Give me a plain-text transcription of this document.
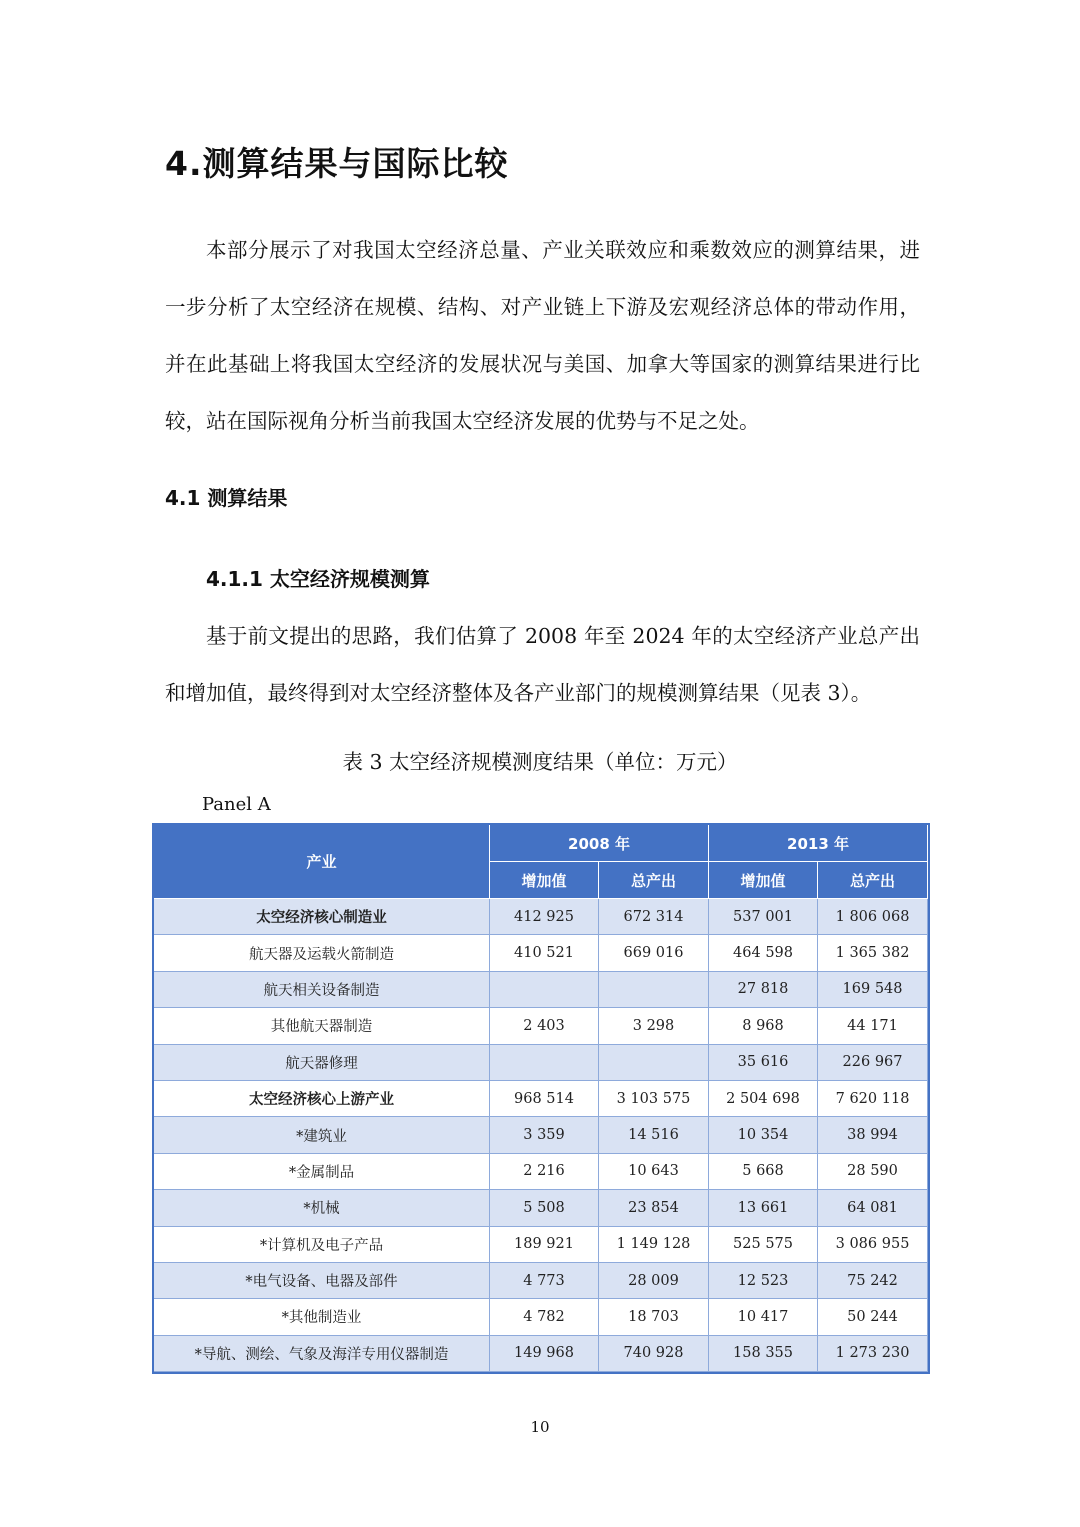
4.测算结果与国际比较

本部分展示了对我国太空经济总量、产业关联效应和乘数效应的测算结果，进一步分析了太空经济在规模、结构、对产业链上下游及宏观经济总体的带动作用，并在此基础上将我国太空经济的发展状况与美国、加拿大等国家的测算结果进行比较，站在国际视角分析当前我国太空经济发展的优势与不足之处。

4.1 测算结果
4.1.1 太空经济规模测算

基于前文提出的思路，我们估算了 2008 年至 2024 年的太空经济产业总产出和增加值，最终得到对太空经济整体及各产业部门的规模测算结果（见表 3）。

表 3 太空经济规模测度结果（单位：万元）

Panel A

产业	2008 年		2013 年	
	增加值	总产出	增加值	总产出
太空经济核心制造业	412 925	672 314	537 001	1 806 068
航天器及运载火箭制造	410 521	669 016	464 598	1 365 382
航天相关设备制造			27 818	169 548
其他航天器制造	2 403	3 298	8 968	44 171
航天器修理			35 616	226 967
太空经济核心上游产业	968 514	3 103 575	2 504 698	7 620 118
*建筑业	3 359	14 516	10 354	38 994
*金属制品	2 216	10 643	5 668	28 590
*机械	5 508	23 854	13 661	64 081
*计算机及电子产品	189 921	1 149 128	525 575	3 086 955
*电气设备、电器及部件	4 773	28 009	12 523	75 242
*其他制造业	4 782	18 703	10 417	50 244
*导航、测绘、气象及海洋专用仪器制造	149 968	740 928	158 355	1 273 230

10
